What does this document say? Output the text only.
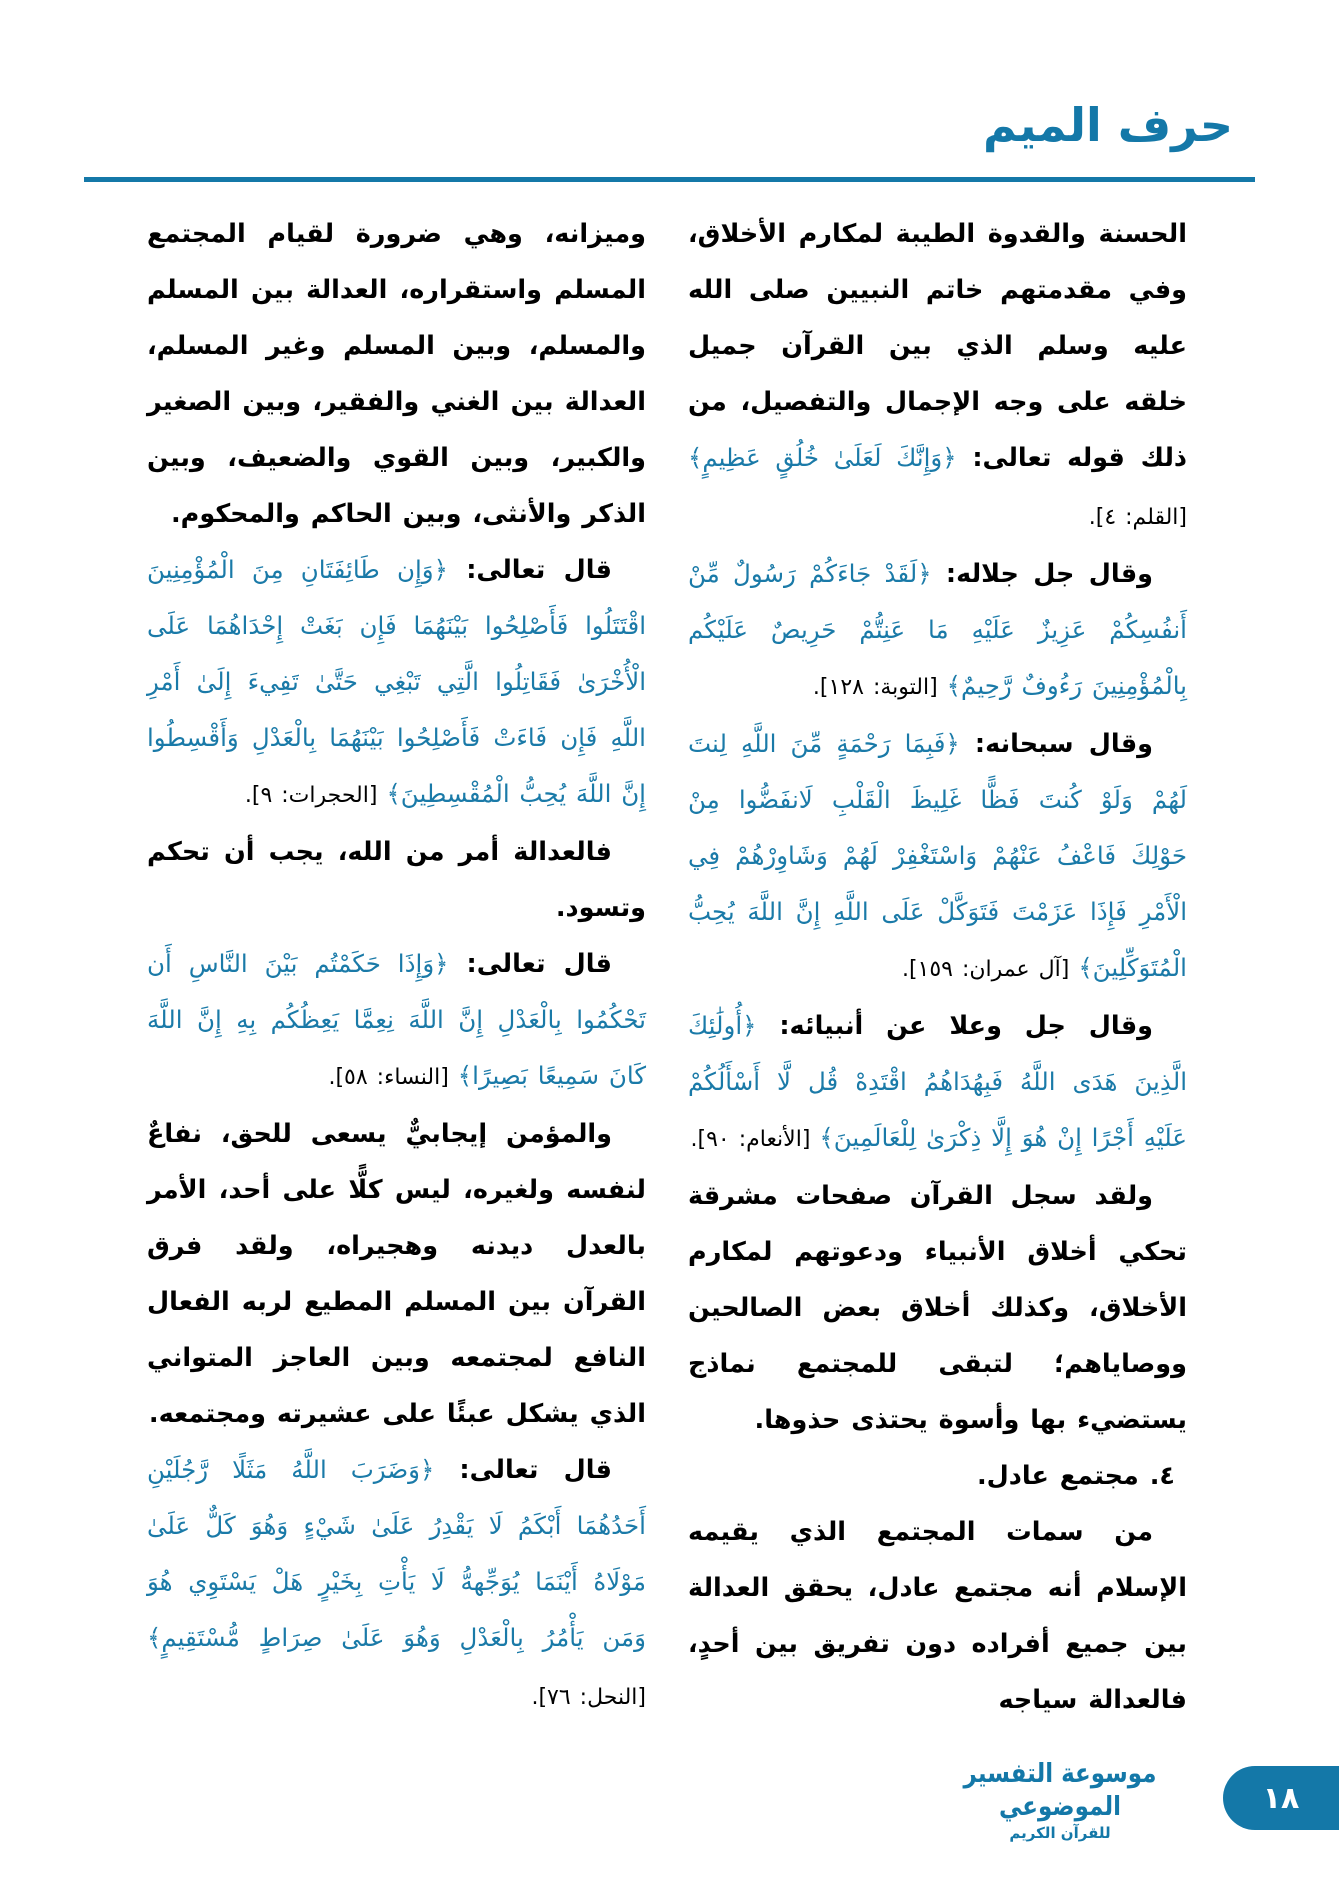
حرف الميم

الحسنة والقدوة الطيبة لمكارم الأخلاق، وفي مقدمتهم خاتم النبيين صلى الله عليه وسلم الذي بين القرآن جميل خلقه على وجه الإجمال والتفصيل، من ذلك قوله تعالى: ﴿وَإِنَّكَ لَعَلَىٰ خُلُقٍ عَظِيمٍ﴾ [القلم: ٤].

وقال جل جلاله: ﴿لَقَدْ جَاءَكُمْ رَسُولٌ مِّنْ أَنفُسِكُمْ عَزِيزٌ عَلَيْهِ مَا عَنِتُّمْ حَرِيصٌ عَلَيْكُم بِالْمُؤْمِنِينَ رَءُوفٌ رَّحِيمٌ﴾ [التوبة: ١٢٨].

وقال سبحانه: ﴿فَبِمَا رَحْمَةٍ مِّنَ اللَّهِ لِنتَ لَهُمْ وَلَوْ كُنتَ فَظًّا غَلِيظَ الْقَلْبِ لَانفَضُّوا مِنْ حَوْلِكَ فَاعْفُ عَنْهُمْ وَاسْتَغْفِرْ لَهُمْ وَشَاوِرْهُمْ فِي الْأَمْرِ فَإِذَا عَزَمْتَ فَتَوَكَّلْ عَلَى اللَّهِ إِنَّ اللَّهَ يُحِبُّ الْمُتَوَكِّلِينَ﴾ [آل عمران: ١٥٩].

وقال جل وعلا عن أنبيائه: ﴿أُولَٰئِكَ الَّذِينَ هَدَى اللَّهُ فَبِهُدَاهُمُ اقْتَدِهْ قُل لَّا أَسْأَلُكُمْ عَلَيْهِ أَجْرًا إِنْ هُوَ إِلَّا ذِكْرَىٰ لِلْعَالَمِينَ﴾ [الأنعام: ٩٠].

ولقد سجل القرآن صفحات مشرقة تحكي أخلاق الأنبياء ودعوتهم لمكارم الأخلاق، وكذلك أخلاق بعض الصالحين ووصاياهم؛ لتبقى للمجتمع نماذج يستضيء بها وأسوة يحتذى حذوها.

٤. مجتمع عادل.

من سمات المجتمع الذي يقيمه الإسلام أنه مجتمع عادل، يحقق العدالة بين جميع أفراده دون تفريق بين أحدٍ، فالعدالة سياجه

وميزانه، وهي ضرورة لقيام المجتمع المسلم واستقراره، العدالة بين المسلم والمسلم، وبين المسلم وغير المسلم، العدالة بين الغني والفقير، وبين الصغير والكبير، وبين القوي والضعيف، وبين الذكر والأنثى، وبين الحاكم والمحكوم.

قال تعالى: ﴿وَإِن طَائِفَتَانِ مِنَ الْمُؤْمِنِينَ اقْتَتَلُوا فَأَصْلِحُوا بَيْنَهُمَا فَإِن بَغَتْ إِحْدَاهُمَا عَلَى الْأُخْرَىٰ فَقَاتِلُوا الَّتِي تَبْغِي حَتَّىٰ تَفِيءَ إِلَىٰ أَمْرِ اللَّهِ فَإِن فَاءَتْ فَأَصْلِحُوا بَيْنَهُمَا بِالْعَدْلِ وَأَقْسِطُوا إِنَّ اللَّهَ يُحِبُّ الْمُقْسِطِينَ﴾ [الحجرات: ٩].

فالعدالة أمر من الله، يجب أن تحكم وتسود.

قال تعالى: ﴿وَإِذَا حَكَمْتُم بَيْنَ النَّاسِ أَن تَحْكُمُوا بِالْعَدْلِ إِنَّ اللَّهَ نِعِمَّا يَعِظُكُم بِهِ إِنَّ اللَّهَ كَانَ سَمِيعًا بَصِيرًا﴾ [النساء: ٥٨].

والمؤمن إيجابيٌّ يسعى للحق، نفاعٌ لنفسه ولغيره، ليس كلًّا على أحد، الأمر بالعدل ديدنه وهجيراه، ولقد فرق القرآن بين المسلم المطيع لربه الفعال النافع لمجتمعه وبين العاجز المتواني الذي يشكل عبئًا على عشيرته ومجتمعه.

قال تعالى: ﴿وَضَرَبَ اللَّهُ مَثَلًا رَّجُلَيْنِ أَحَدُهُمَا أَبْكَمُ لَا يَقْدِرُ عَلَىٰ شَيْءٍ وَهُوَ كَلٌّ عَلَىٰ مَوْلَاهُ أَيْنَمَا يُوَجِّههُّ لَا يَأْتِ بِخَيْرٍ هَلْ يَسْتَوِي هُوَ وَمَن يَأْمُرُ بِالْعَدْلِ وَهُوَ عَلَىٰ صِرَاطٍ مُّسْتَقِيمٍ﴾ [النحل: ٧٦].

موسوعة التفسير الموضوعي
للقرآن الكريم
١٨
